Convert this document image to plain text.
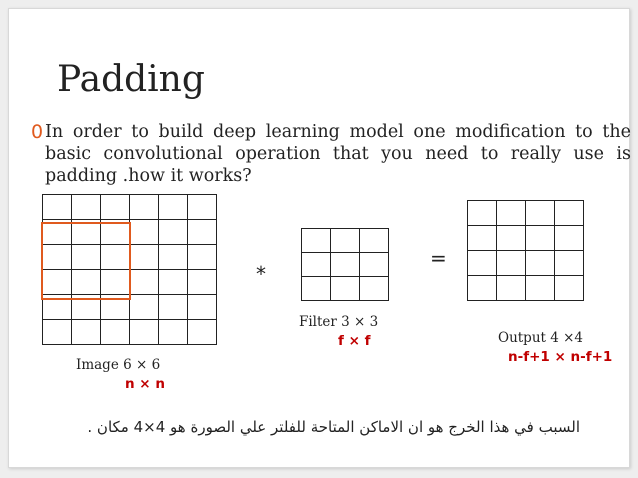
Padding
0 In order to build deep learning model one modification to the basic convolutional operation that you need to really use is padding .how it works?

*

=

Filter 3 × 3
f × f	Output 4 ×4
n-f+1 × n-f+1
Image 6 × 6
n × n
السبب في هذا الخرج هو ان الاماكن المتاحة للفلتر علي الصورة هو 4×4 مكان .
